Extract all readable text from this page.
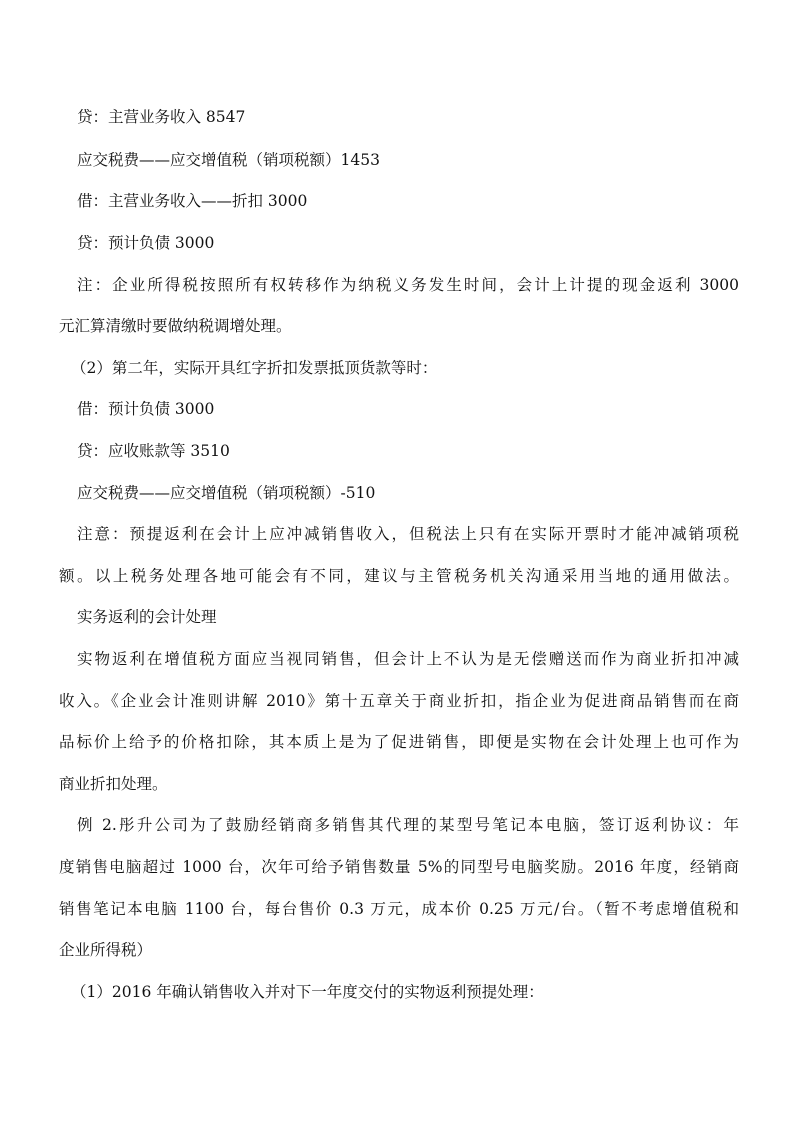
贷：主营业务收入 8547
应交税费——应交增值税（销项税额）1453
借：主营业务收入——折扣 3000
贷：预计负债 3000
注：企业所得税按照所有权转移作为纳税义务发生时间，会计上计提的现金返利 3000
元汇算清缴时要做纳税调增处理。
（2）第二年，实际开具红字折扣发票抵顶货款等时：
借：预计负债 3000
贷：应收账款等 3510
应交税费——应交增值税（销项税额）-510
注意：预提返利在会计上应冲减销售收入，但税法上只有在实际开票时才能冲减销项税
额。以上税务处理各地可能会有不同，建议与主管税务机关沟通采用当地的通用做法。
实务返利的会计处理
实物返利在增值税方面应当视同销售，但会计上不认为是无偿赠送而作为商业折扣冲减
收入。《企业会计准则讲解 2010》第十五章关于商业折扣，指企业为促进商品销售而在商
品标价上给予的价格扣除，其本质上是为了促进销售，即便是实物在会计处理上也可作为
商业折扣处理。
例 2.彤升公司为了鼓励经销商多销售其代理的某型号笔记本电脑，签订返利协议：年
度销售电脑超过 1000 台，次年可给予销售数量 5%的同型号电脑奖励。2016 年度，经销商
销售笔记本电脑 1100 台，每台售价 0.3 万元，成本价 0.25 万元/台。（暂不考虑增值税和
企业所得税）
（1）2016 年确认销售收入并对下一年度交付的实物返利预提处理：
